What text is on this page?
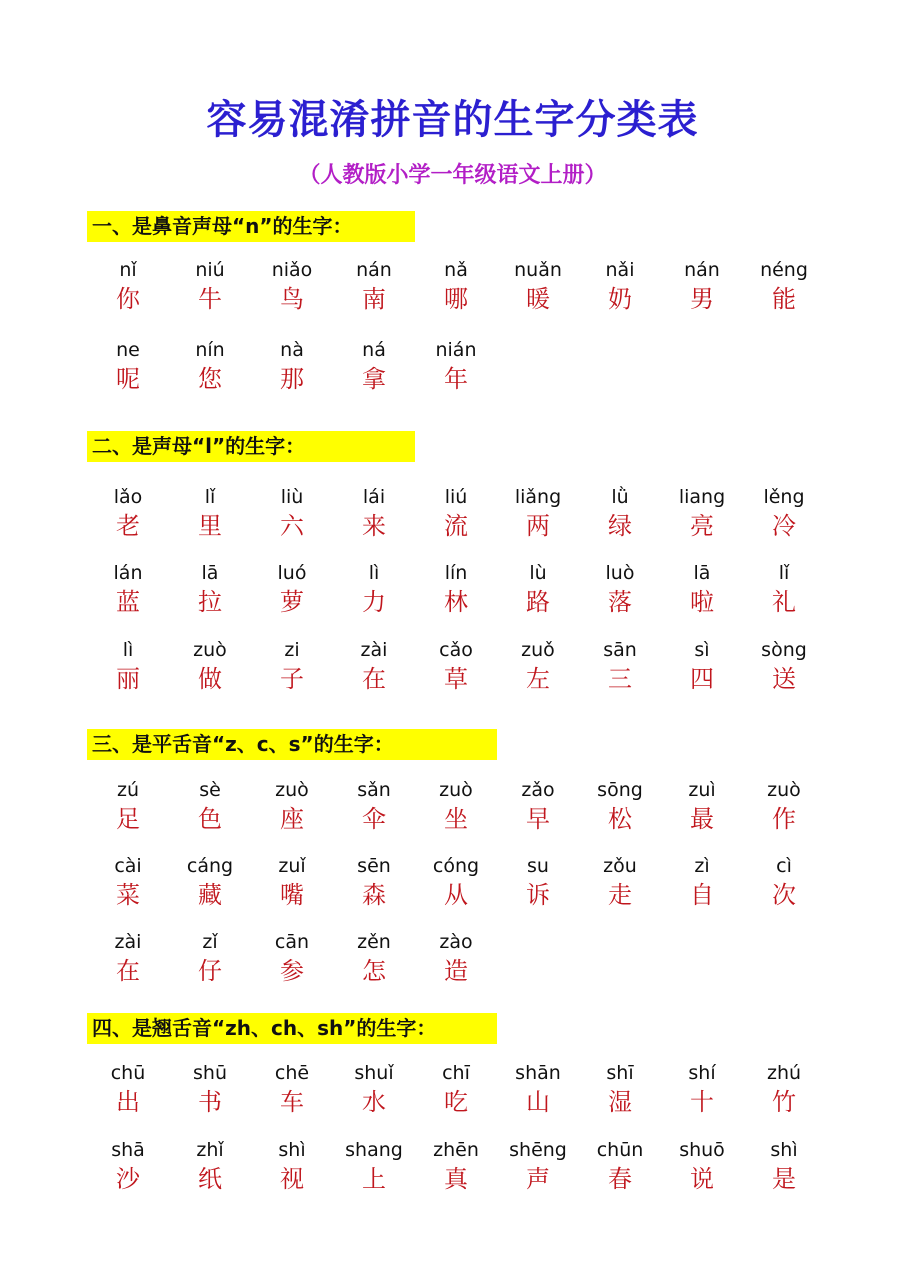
容易混淆拼音的生字分类表
（人教版小学一年级语文上册）
一、是鼻音声母“n”的生字：
二、是声母“l”的生字：
三、是平舌音“z、c、s”的生字：
四、是翘舌音“zh、ch、sh”的生字：
nǐ
你
niú
牛
niǎo
鸟
nán
南
nǎ
哪
nuǎn
暖
nǎi
奶
nán
男
néng
能
ne
呢
nín
您
nà
那
ná
拿
nián
年
lǎo
老
lǐ
里
liù
六
lái
来
liú
流
liǎng
两
lǜ
绿
liang
亮
lěng
冷
lán
蓝
lā
拉
luó
萝
lì
力
lín
林
lù
路
luò
落
lā
啦
lǐ
礼
lì
丽
zuò
做
zi
子
zài
在
cǎo
草
zuǒ
左
sān
三
sì
四
sòng
送
zú
足
sè
色
zuò
座
sǎn
伞
zuò
坐
zǎo
早
sōng
松
zuì
最
zuò
作
cài
菜
cáng
藏
zuǐ
嘴
sēn
森
cóng
从
su
诉
zǒu
走
zì
自
cì
次
zài
在
zǐ
仔
cān
参
zěn
怎
zào
造
chū
出
shū
书
chē
车
shuǐ
水
chī
吃
shān
山
shī
湿
shí
十
zhú
竹
shā
沙
zhǐ
纸
shì
视
shang
上
zhēn
真
shēng
声
chūn
春
shuō
说
shì
是
